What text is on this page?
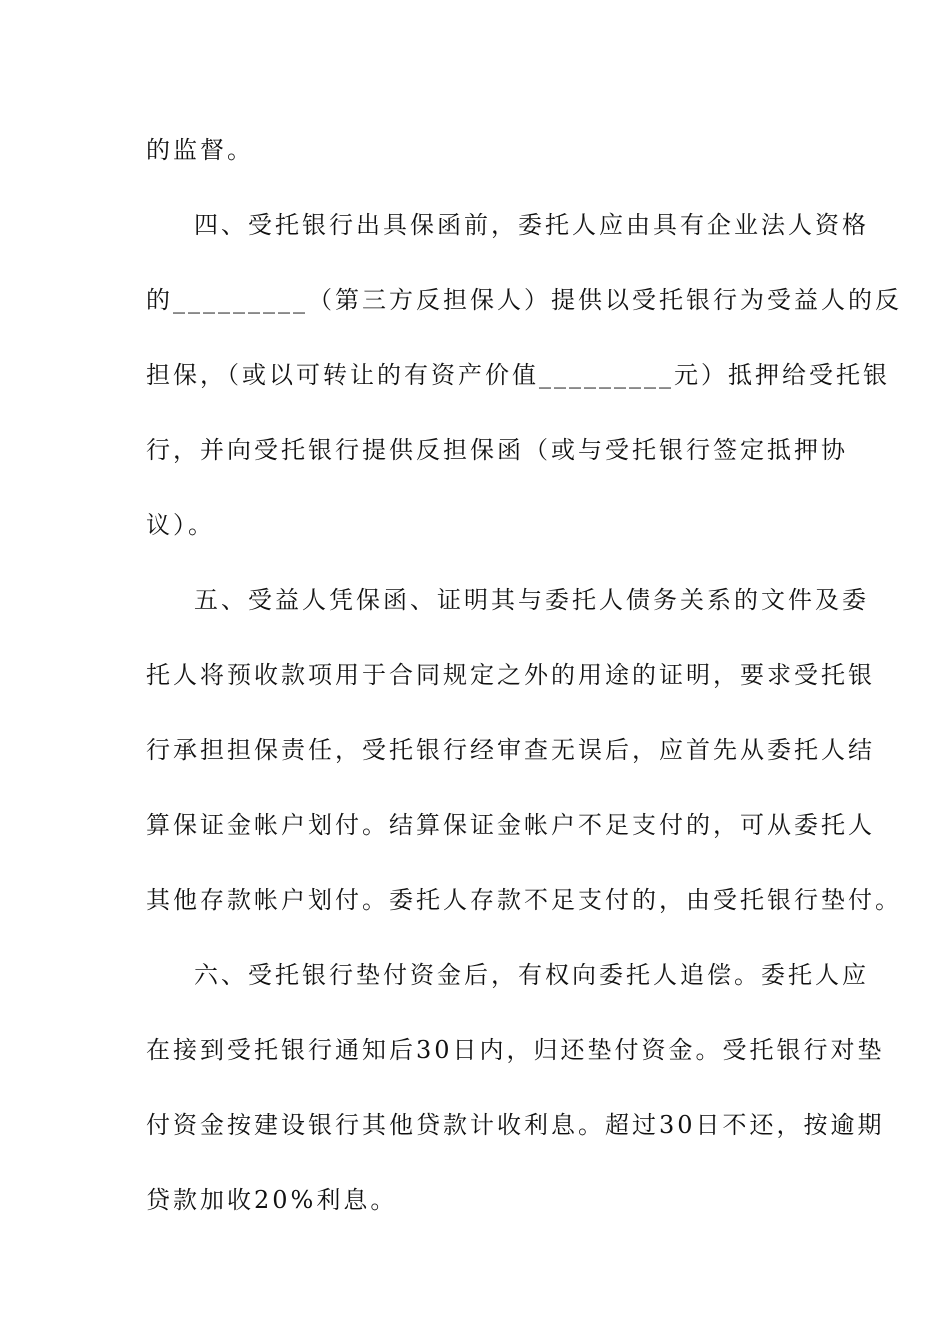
的监督。
四、受托银行出具保函前，委托人应由具有企业法人资格
的_________（第三方反担保人）提供以受托银行为受益人的反
担保，（或以可转让的有资产价值_________元）抵押给受托银
行，并向受托银行提供反担保函（或与受托银行签定抵押协
议）。
五、受益人凭保函、证明其与委托人债务关系的文件及委
托人将预收款项用于合同规定之外的用途的证明，要求受托银
行承担担保责任，受托银行经审查无误后，应首先从委托人结
算保证金帐户划付。结算保证金帐户不足支付的，可从委托人
其他存款帐户划付。委托人存款不足支付的，由受托银行垫付。
六、受托银行垫付资金后，有权向委托人追偿。委托人应
在接到受托银行通知后30日内，归还垫付资金。受托银行对垫
付资金按建设银行其他贷款计收利息。超过30日不还，按逾期
贷款加收20%利息。
